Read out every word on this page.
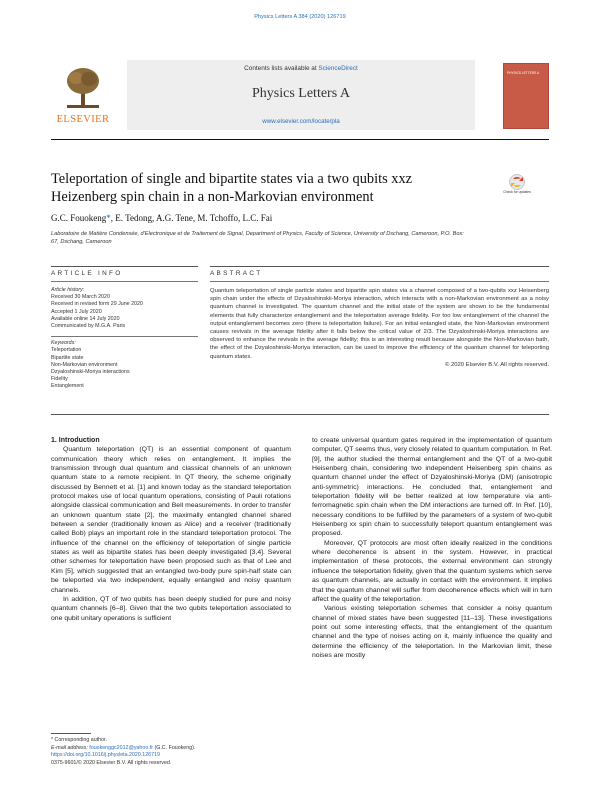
Physics Letters A 384 (2020) 126719
ELSEVIER
Contents lists available at ScienceDirect
Physics Letters A
www.elsevier.com/locate/pla
PHYSICS LETTERS A
Teleportation of single and bipartite states via a two qubits xxz Heizenberg spin chain in a non-Markovian environment	Check for updates
G.C. Fouokeng*, E. Tedong, A.G. Tene, M. Tchoffo, L.C. Fai
Laboratoire de Matière Condensée, d'Electronique et de Traitement de Signal, Department of Physics, Faculty of Science, University of Dschang, Cameroon, P.O. Box: 67, Dschang, Cameroon
ARTICLE INFO	ABSTRACT
Article history:
Received 30 March 2020
Received in revised form 29 June 2020
Accepted 1 July 2020
Available online 14 July 2020
Communicated by M.G.A. Paris
Keywords:
Teleportation
Bipartite state
Non-Markovian environment
Dzyaloshinski-Moriya interactions
Fidelity
Entanglement
Quantum teleportation of single particle states and bipartite spin states via a channel composed of a two-qubits xxz Heisenberg spin chain under the effects of Dzyaloshinskii-Moriya interaction, which interacts with a non-Markovian environment as a noisy quantum channel is investigated. The quantum channel and the initial state of the system are shown to be the fundamental elements that fully characterize entanglement and the teleportation average fidelity. For too low entanglement of the channel the output entanglement becomes zero (there is teleportation failure). For an initial entangled state, the Non-Markovian environment causes revivals in the average fidelity after it falls below the critical value of 2/3. The Dzyaloshinski-Moriya interactions are observed to enhance the revivals in the average fidelity; this is an interesting result because alongside the Non-Markovian bath, the effect of the Dzyaloshinski-Moriya interaction, can be used to improve the efficiency of the quantum channel for teleporting quantum states.
© 2020 Elsevier B.V. All rights reserved.

1. Introduction

Quantum teleportation (QT) is an essential component of quantum communication theory which relies on entanglement. It implies the transmission through dual quantum and classical channels of an unknown quantum state to a remote recipient. In QT theory, the scheme originally discussed by Bennett et al. [1] and known today as the standard teleportation protocol makes use of local quantum operations, consisting of Pauli rotations alongside classical communication and Bell measurements. In order to transfer an unknown quantum state [2], the maximally entangled channel shared between a sender (traditionally known as Alice) and a receiver (traditionally called Bob) plays an important role in the standard teleportation protocol. The influence of the channel on the efficiency of teleportation of single particle states as well as bipartite states has been deeply investigated [3,4]. Several other schemes for teleportation have been proposed such as that of Lee and Kim [5], which suggested that an entangled two-body pure spin-half state can be teleported via two independent, equally entangled and noisy quantum channels.

In addition, QT of two qubits has been deeply studied for pure and noisy quantum channels [6–8]. Given that the two qubits teleportation associated to one qubit unitary operations is sufficient

to create universal quantum gates required in the implementation of quantum computer, QT seems thus, very closely related to quantum computation. In Ref. [9], the author studied the thermal entanglement and the QT of a two-qubit Heisenberg chain, considering two independent Heisenberg spin chains as quantum channel under the effect of Dzyaloshinski-Moriya (DM) (anisotropic anti-symmetric) interactions. He concluded that, entanglement and teleportation fidelity will be better realized at low temperature via anti-ferromagnetic spin chain when the DM interactions are turned off. In Ref. [10], necessary conditions to be fulfilled by the parameters of a system of two-qubit Heisenberg xx spin chain to successfully teleport quantum entanglement was proposed.

Moreover, QT protocols are most often ideally realized in the conditions where decoherence is absent in the system. However, in practical implementation of these protocols, the external environment can strongly influence the teleportation fidelity, given that the quantum systems which serve as quantum channels, are actually in contact with the environment. It implies that the quantum channel will suffer from decoherence effects which will in turn affect the quality of the teleportation.

Various existing teleportation schemes that consider a noisy quantum channel of mixed states have been suggested [11–13]. These investigations point out some interesting effects, that the entanglement of the quantum channel and the type of noises acting on it, mainly influence the quality and determine the efficiency of the teleportation. In the Markovian limit, these noises are mostly

* Corresponding author.
E-mail address: fouokenggc2012@yahoo.fr (G.C. Fouokeng).
https://doi.org/10.1016/j.physleta.2020.126719
0375-9601/© 2020 Elsevier B.V. All rights reserved.
